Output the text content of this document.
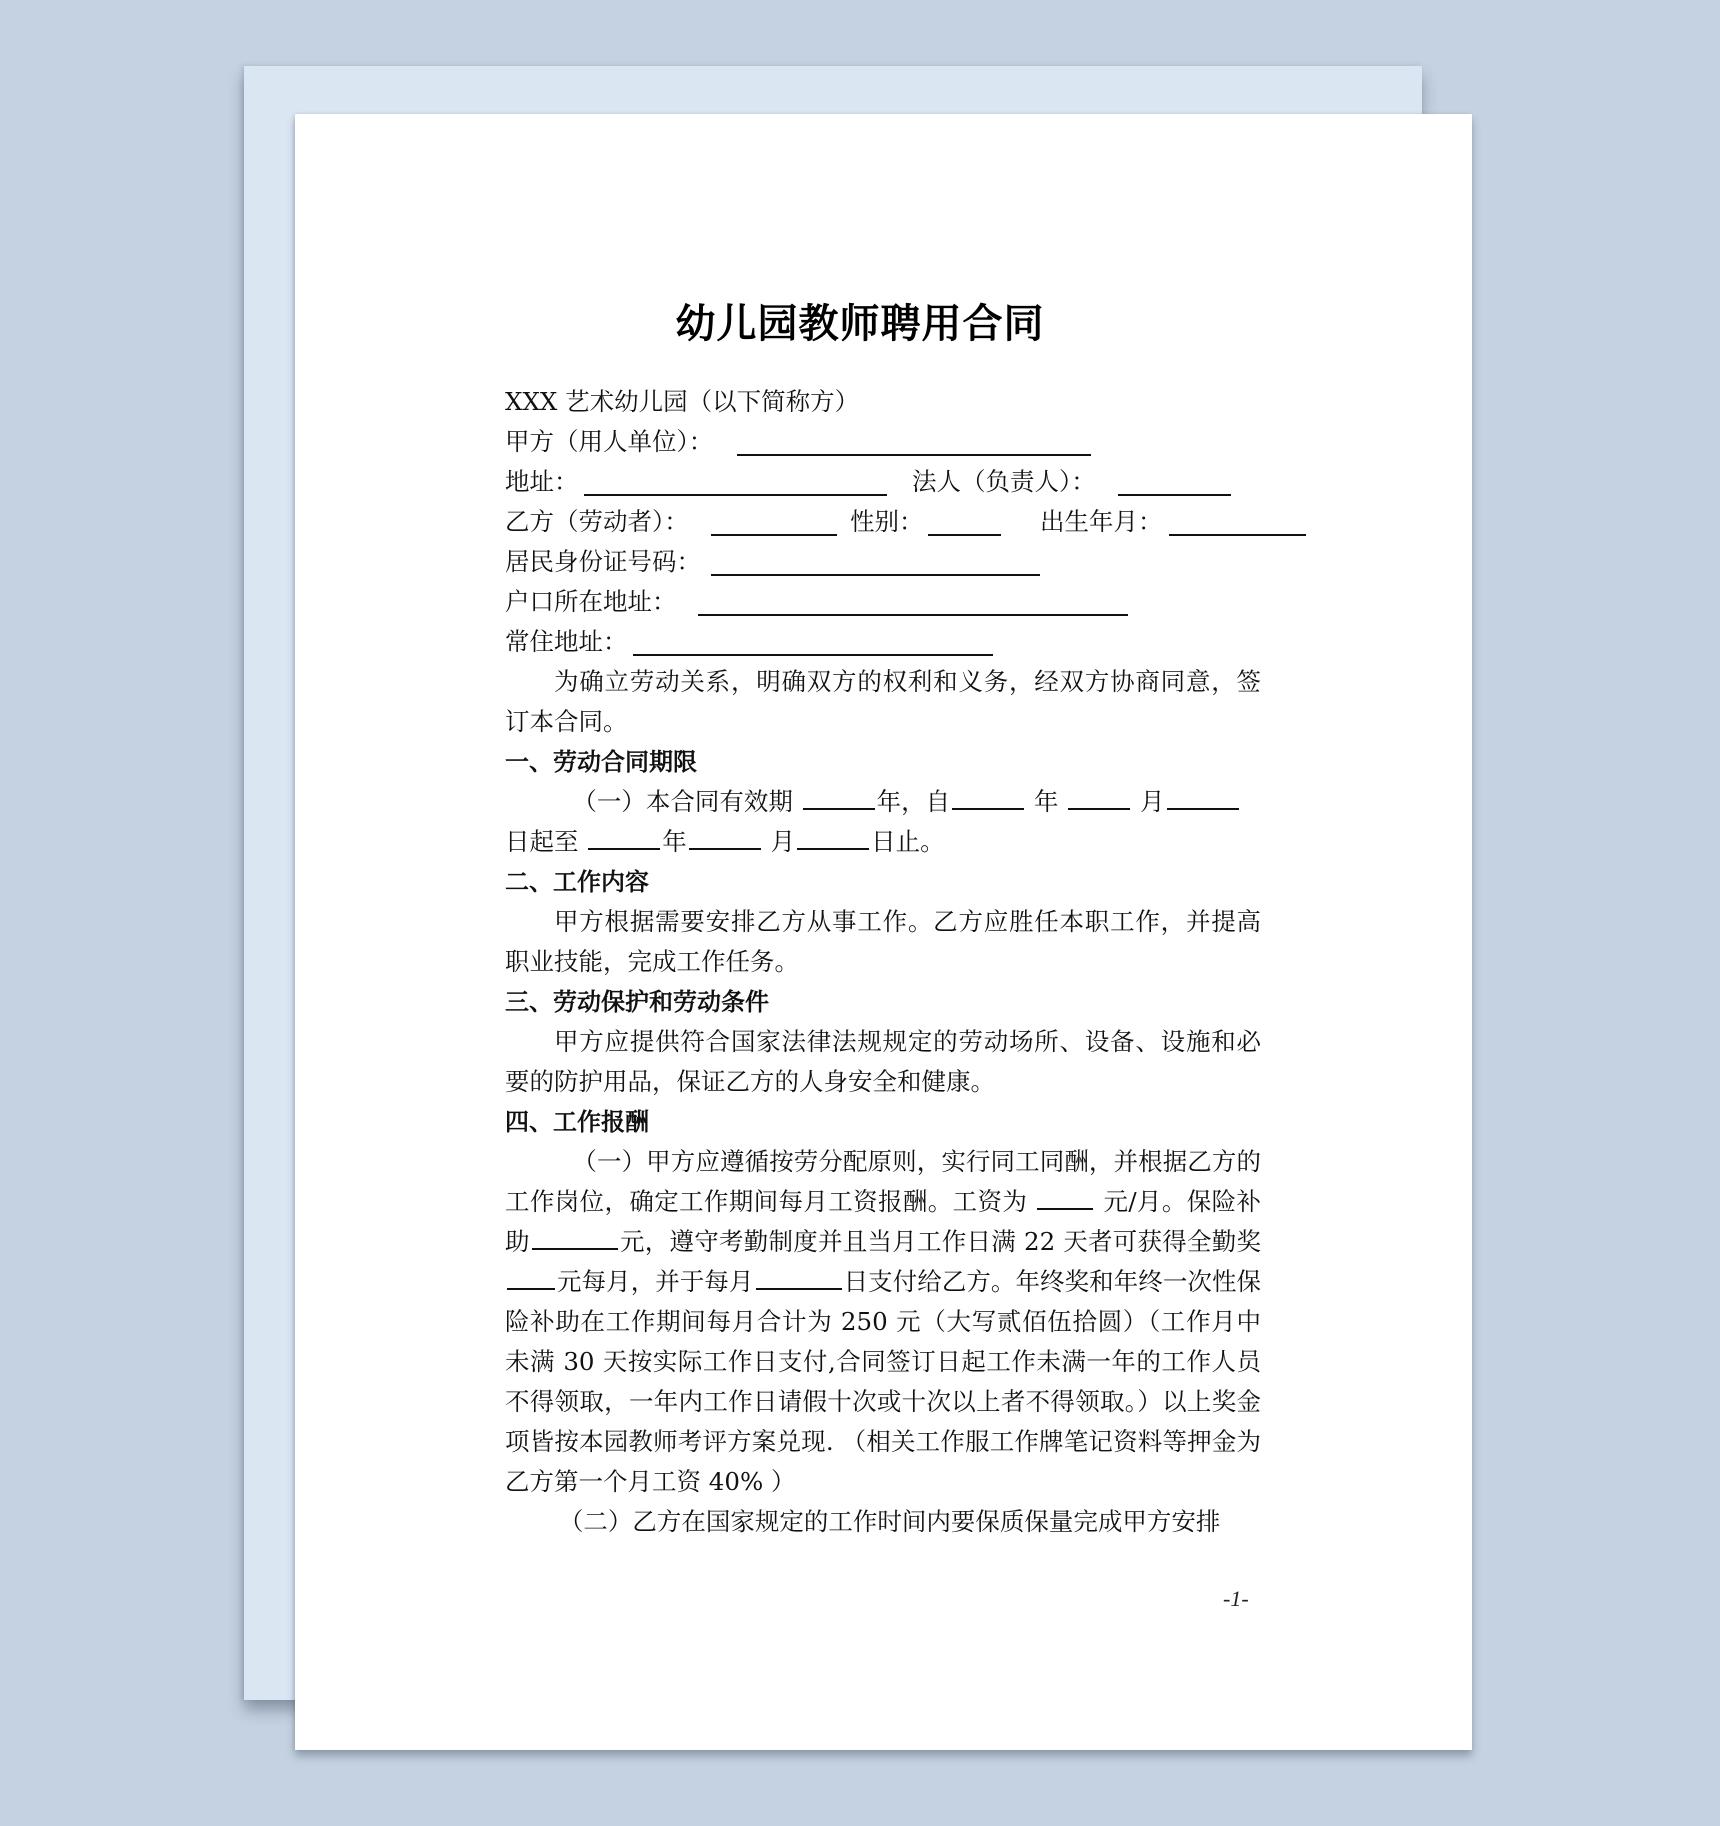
幼儿园教师聘用合同
XXX 艺术幼儿园（以下简称方）
甲方（用人单位）：
地址：	法人（负责人）：
乙方（劳动者）：	性别：	出生年月：
居民身份证号码：
户口所在地址：
常住地址：
为确立劳动关系，明确双方的权利和义务，经双方协商同意，签订本合同。
一、劳动合同期限
（一）本合同有效期	年，自	年	月
日起至	年	月	日止。
二、工作内容
甲方根据需要安排乙方从事工作。乙方应胜任本职工作，并提高职业技能，完成工作任务。
三、劳动保护和劳动条件
甲方应提供符合国家法律法规规定的劳动场所、设备、设施和必要的防护用品，保证乙方的人身安全和健康。
四、工作报酬
（一）甲方应遵循按劳分配原则，实行同工同酬，并根据乙方的工作岗位，确定工作期间每月工资报酬。工资为	元/月。保险补助	元，遵守考勤制度并且当月工作日满 22 天者可获得全勤奖元每月，并于每月	日支付给乙方。年终奖和年终一次性保险补助在工作期间每月合计为 250 元（大写贰佰伍拾圆）（工作月中未满 30 天按实际工作日支付,合同签订日起工作未满一年的工作人员不得领取，一年内工作日请假十次或十次以上者不得领取。）以上奖金项皆按本园教师考评方案兑现. （相关工作服工作牌笔记资料等押金为乙方第一个月工资 40% ）
（二）乙方在国家规定的工作时间内要保质保量完成甲方安排
-1-
